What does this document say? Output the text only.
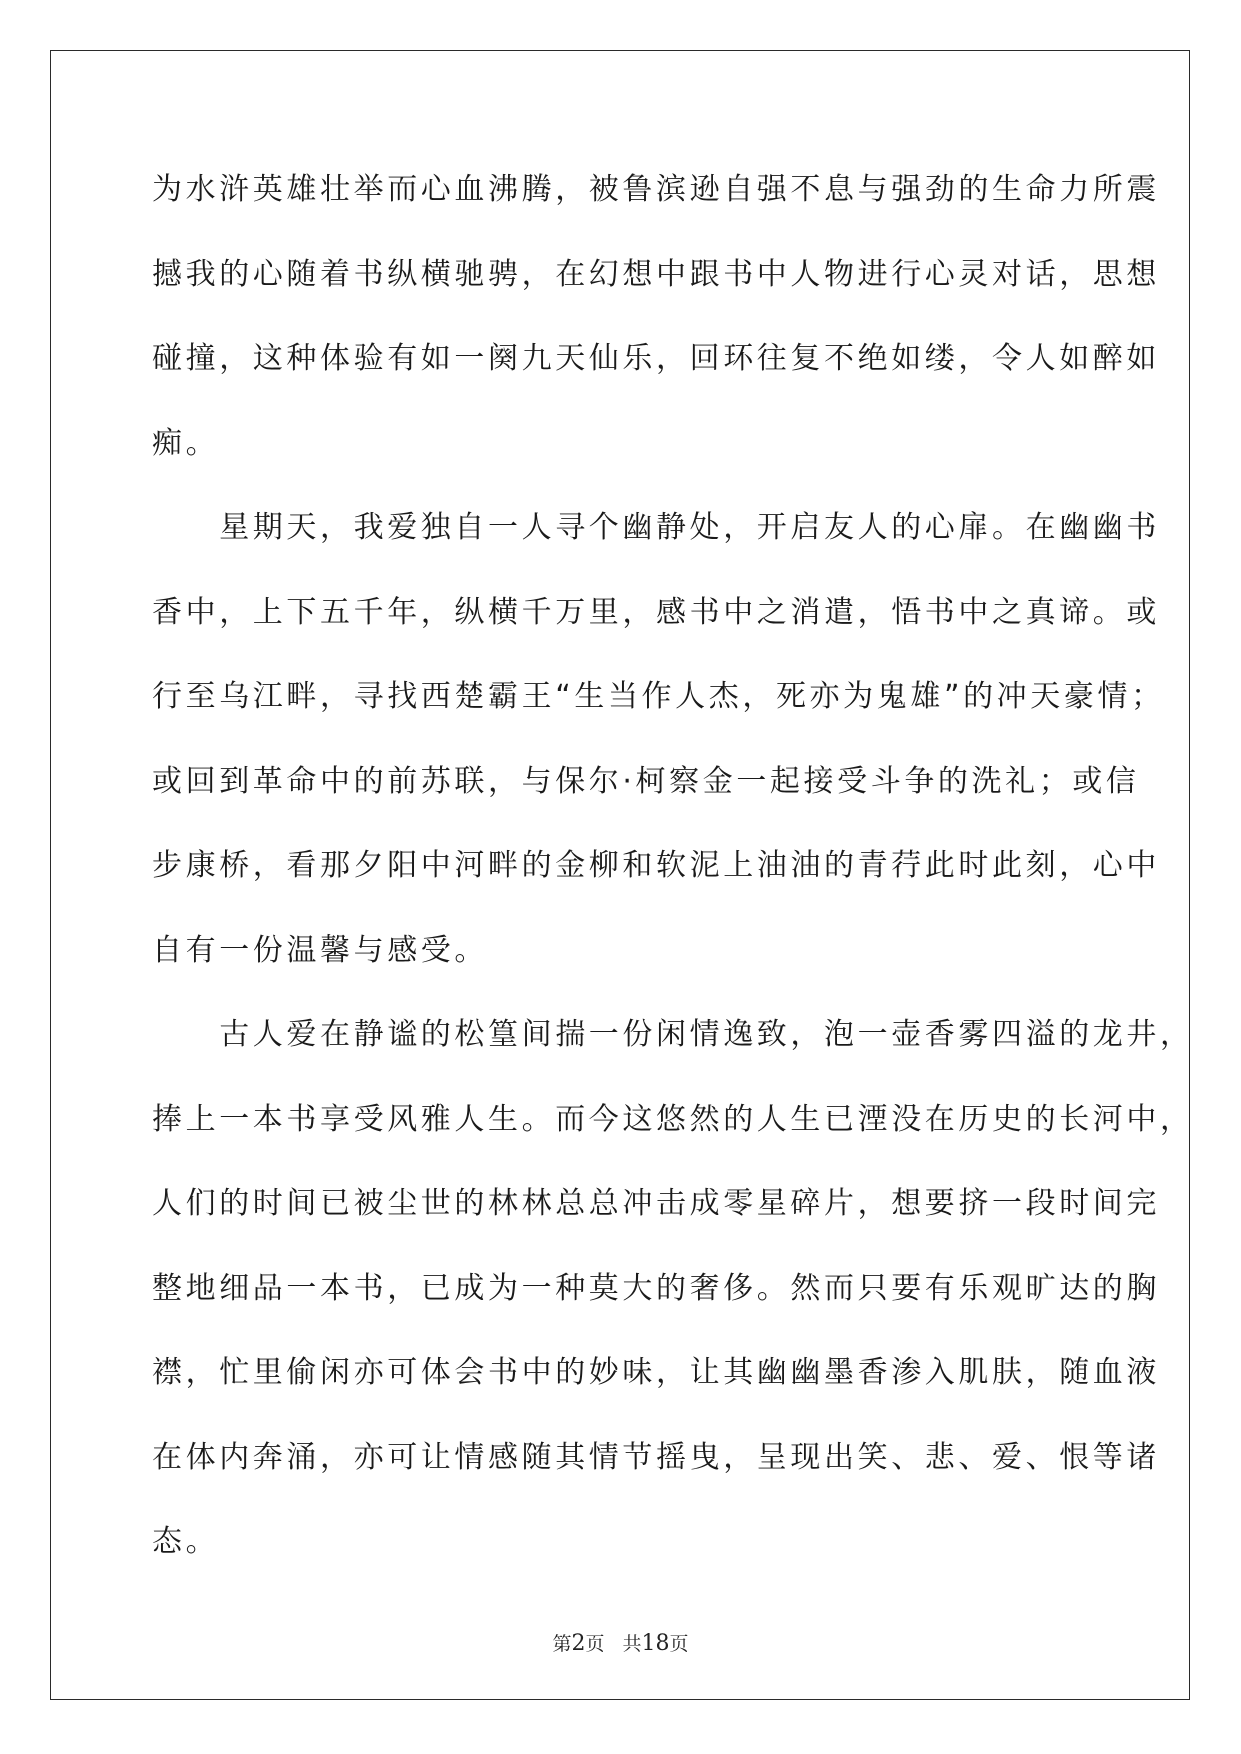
为水浒英雄壮举而心血沸腾，被鲁滨逊自强不息与强劲的生命力所震
撼我的心随着书纵横驰骋，在幻想中跟书中人物进行心灵对话，思想
碰撞，这种体验有如一阕九天仙乐，回环往复不绝如缕，令人如醉如
痴。
　　星期天，我爱独自一人寻个幽静处，开启友人的心扉。在幽幽书
香中，上下五千年，纵横千万里，感书中之消遣，悟书中之真谛。或
行至乌江畔，寻找西楚霸王“生当作人杰，死亦为鬼雄”的冲天豪情；
或回到革命中的前苏联，与保尔·柯察金一起接受斗争的洗礼；或信
步康桥，看那夕阳中河畔的金柳和软泥上油油的青荇此时此刻，心中
自有一份温馨与感受。
　　古人爱在静谧的松篁间揣一份闲情逸致，泡一壶香雾四溢的龙井，
捧上一本书享受风雅人生。而今这悠然的人生已湮没在历史的长河中，
人们的时间已被尘世的林林总总冲击成零星碎片，想要挤一段时间完
整地细品一本书，已成为一种莫大的奢侈。然而只要有乐观旷达的胸
襟，忙里偷闲亦可体会书中的妙味，让其幽幽墨香渗入肌肤，随血液
在体内奔涌，亦可让情感随其情节摇曳，呈现出笑、悲、爱、恨等诸
态。
第2页 共18页
